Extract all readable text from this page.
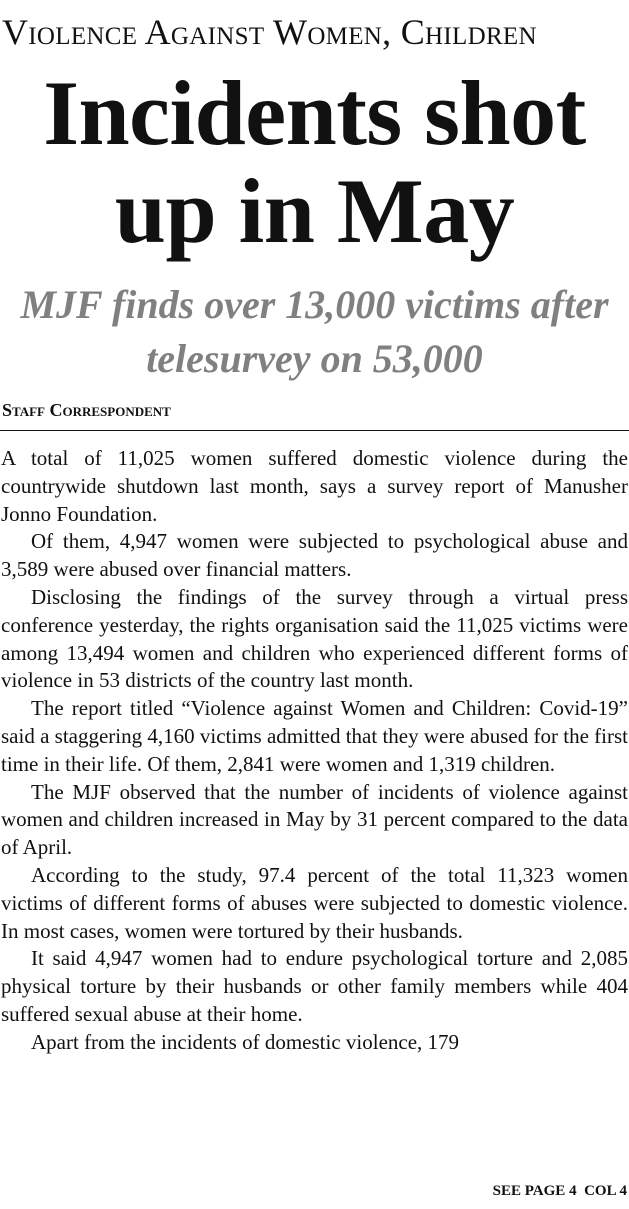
Violence Against Women, Children
Incidents shot up in May
MJF finds over 13,000 victims after telesurvey on 53,000
Staff Correspondent

A total of 11,025 women suffered domestic violence during the countrywide shutdown last month, says a survey report of Manusher Jonno Foundation.

Of them, 4,947 women were subjected to psychological abuse and 3,589 were abused over financial matters.

Disclosing the findings of the survey through a virtual press conference yesterday, the rights organisation said the 11,025 victims were among 13,494 women and children who experienced different forms of violence in 53 districts of the country last month.

The report titled “Violence against Women and Children: Covid-19” said a staggering 4,160 victims admitted that they were abused for the first time in their life. Of them, 2,841 were women and 1,319 children.

The MJF observed that the number of incidents of violence against women and children increased in May by 31 percent compared to the data of April.

According to the study, 97.4 percent of the total 11,323 women victims of different forms of abuses were subjected to domestic violence. In most cases, women were tortured by their husbands.

It said 4,947 women had to endure psychological torture and 2,085 physical torture by their husbands or other family members while 404 suffered sexual abuse at their home.

Apart from the incidents of domestic violence, 179

SEE PAGE 4 COL 4
